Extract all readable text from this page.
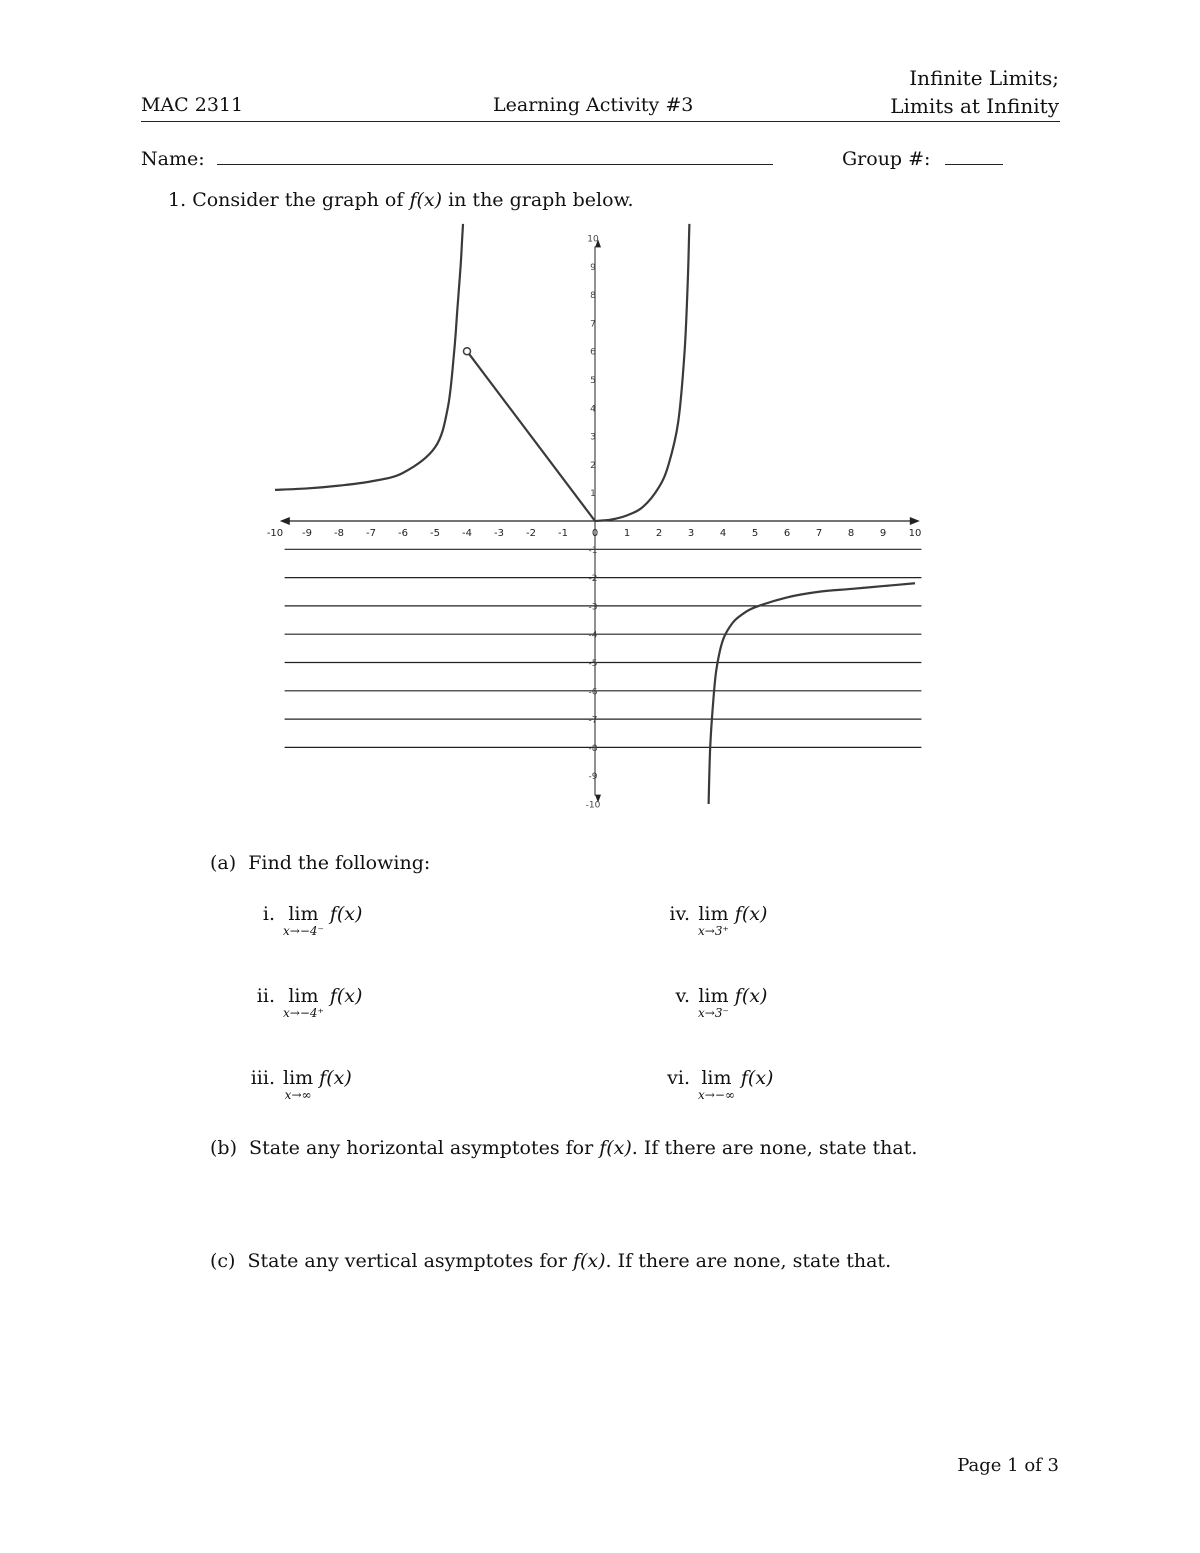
MAC 2311	Learning Activity #3
Infinite Limits;
Limits at Infinity
Name:	Group #:
1. Consider the graph of f(x) in the graph below.
-10 -9 -8 -7 -6 -5 -4 -3 -2 -1 0	1	2	3	4	5	6	7	8	9 10
10
9
8
7
6
5
4
3
2
1
-1
-2
-3
-4
-5
-6
-7
-8
-9
-10
(a) Find the following:
i. lim
x→−4⁻
f(x)
ii. lim
x→−4⁺
f(x)
iii. lim
x→∞
f(x)
iv. lim
x→3⁺
f(x)
v. lim
x→3⁻
f(x)
vi. lim
x→−∞
f(x)
(b) State any horizontal asymptotes for f(x). If there are none, state that.
(c) State any vertical asymptotes for f(x). If there are none, state that.
Page 1 of 3
